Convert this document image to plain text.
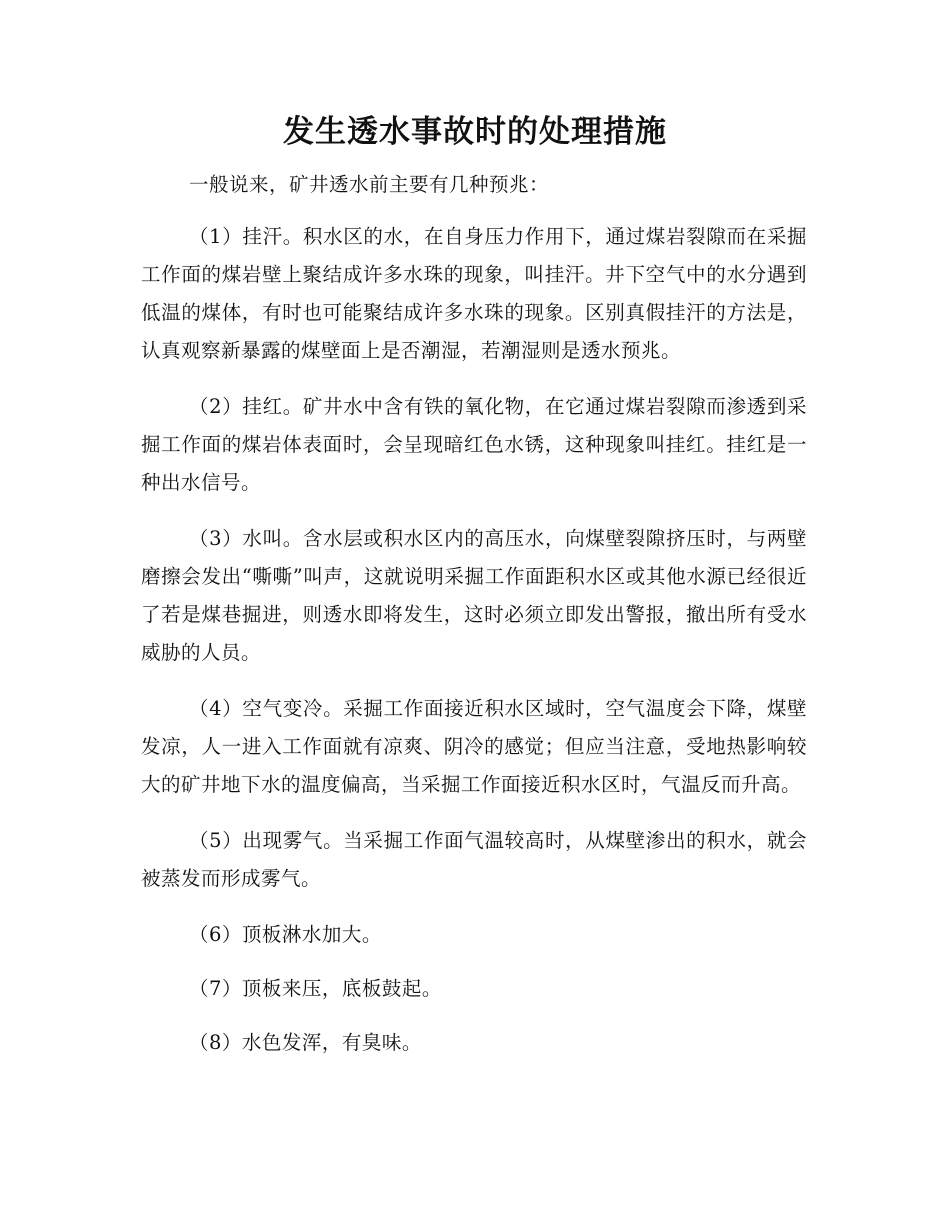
发生透水事故时的处理措施

一般说来，矿井透水前主要有几种预兆：

（1）挂汗。积水区的水，在自身压力作用下，通过煤岩裂隙而在采掘工作面的煤岩壁上聚结成许多水珠的现象，叫挂汗。井下空气中的水分遇到低温的煤体，有时也可能聚结成许多水珠的现象。区别真假挂汗的方法是，认真观察新暴露的煤壁面上是否潮湿，若潮湿则是透水预兆。

（2）挂红。矿井水中含有铁的氧化物，在它通过煤岩裂隙而渗透到采掘工作面的煤岩体表面时，会呈现暗红色水锈，这种现象叫挂红。挂红是一种出水信号。

（3）水叫。含水层或积水区内的高压水，向煤壁裂隙挤压时，与两壁磨擦会发出“嘶嘶”叫声，这就说明采掘工作面距积水区或其他水源已经很近了若是煤巷掘进，则透水即将发生，这时必须立即发出警报，撤出所有受水威胁的人员。

（4）空气变冷。采掘工作面接近积水区域时，空气温度会下降，煤壁发凉，人一进入工作面就有凉爽、阴冷的感觉；但应当注意，受地热影响较大的矿井地下水的温度偏高，当采掘工作面接近积水区时，气温反而升高。

（5）出现雾气。当采掘工作面气温较高时，从煤壁渗出的积水，就会被蒸发而形成雾气。

（6）顶板淋水加大。

（7）顶板来压，底板鼓起。

（8）水色发浑，有臭味。
